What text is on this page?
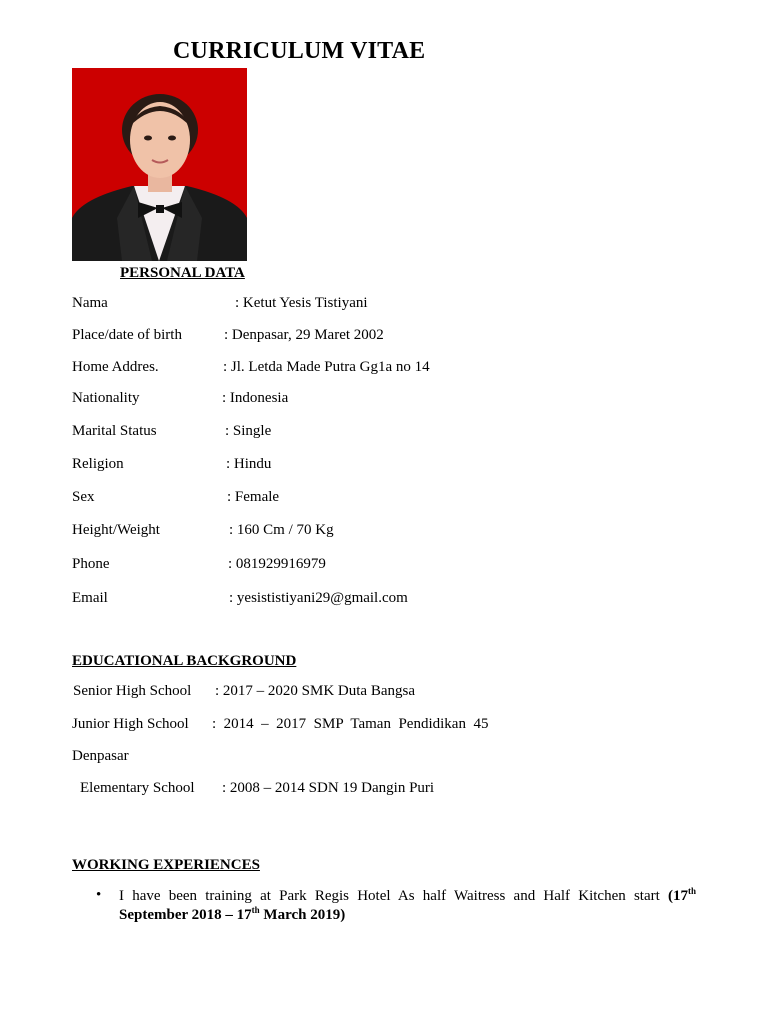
CURRICULUM VITAE
PERSONAL DATA
Nama	: Ketut Yesis Tistiyani
Place/date of birth	: Denpasar, 29 Maret 2002
Home Addres.	: Jl. Letda Made Putra Gg1a no 14
Nationality	: Indonesia
Marital Status	: Single
Religion	: Hindu
Sex	: Female
Height/Weight	: 160 Cm / 70 Kg
Phone	: 081929916979
Email	: yesististiyani29@gmail.com
EDUCATIONAL BACKGROUND
Senior High School : 2017 – 2020 SMK Duta Bangsa
Junior High School :  2014  –  2017  SMP  Taman  Pendidikan  45
Denpasar
Elementary School : 2008 – 2014 SDN 19 Dangin Puri
WORKING EXPERIENCES
• I have been training at Park Regis Hotel As half Waitress and Half Kitchen start (17th
September 2018 – 17th March 2019)
